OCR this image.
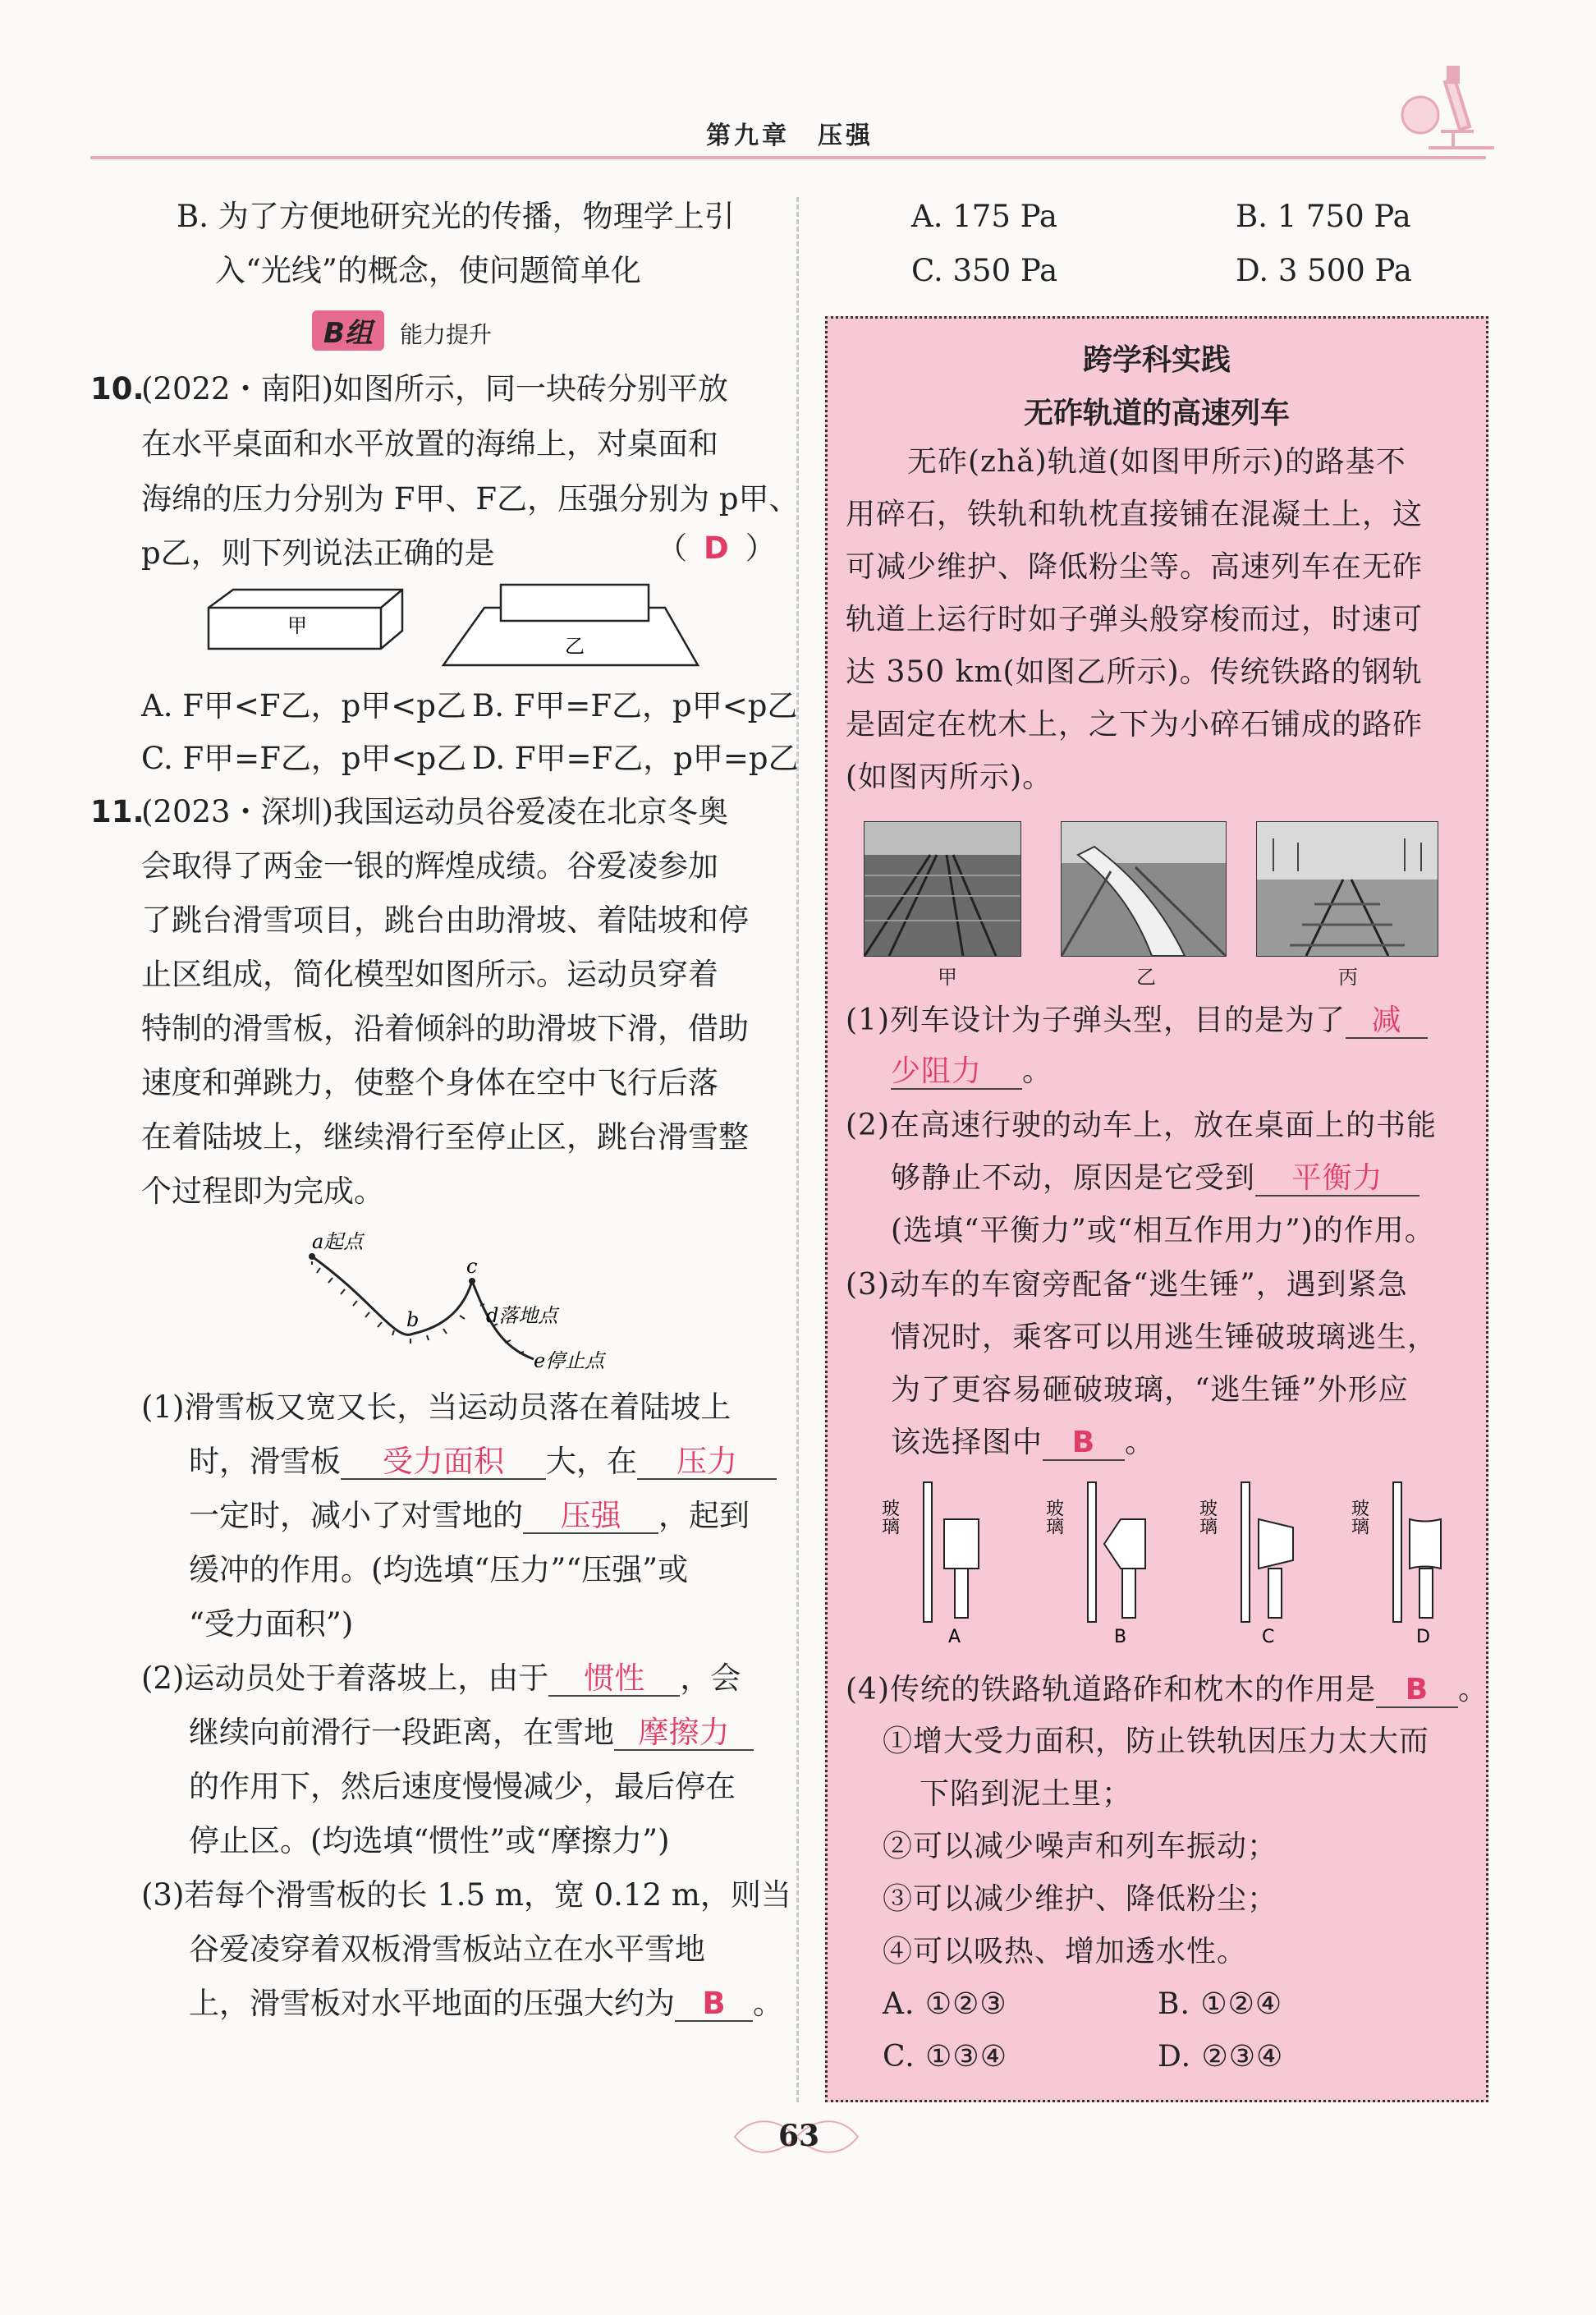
第九章　压强
B. 为了方便地研究光的传播，物理学上引
入“光线”的概念，使问题简单化
B组 能力提升
10.
(2022・南阳)如图所示，同一块砖分别平放
在水平桌面和水平放置的海绵上，对桌面和
海绵的压力分别为 F甲、F乙，压强分别为 p甲、
p乙，则下列说法正确的是	（ D ）
甲
乙
A. F甲<F乙，p甲<p乙 B. F甲=F乙，p甲<p乙
C. F甲=F乙，p甲<p乙 D. F甲=F乙，p甲=p乙
11.
(2023・深圳)我国运动员谷爱凌在北京冬奥
会取得了两金一银的辉煌成绩。谷爱凌参加
了跳台滑雪项目，跳台由助滑坡、着陆坡和停
止区组成，简化模型如图所示。运动员穿着
特制的滑雪板，沿着倾斜的助滑坡下滑，借助
速度和弹跳力，使整个身体在空中飞行后落
在着陆坡上，继续滑行至停止区，跳台滑雪整
个过程即为完成。
a起点
b
c
d落地点
e停止点
(1)滑雪板又宽又长，当运动员落在着陆坡上
时，滑雪板 受力面积 大，在 压力
一定时，减小了对雪地的 压强 ，起到
缓冲的作用。(均选填“压力”“压强”或
“受力面积”)
(2)运动员处于着落坡上，由于 惯性 ，会
继续向前滑行一段距离，在雪地 摩擦力
的作用下，然后速度慢慢减少，最后停在
停止区。(均选填“惯性”或“摩擦力”)
(3)若每个滑雪板的长 1.5 m，宽 0.12 m，则当
谷爱凌穿着双板滑雪板站立在水平雪地
上，滑雪板对水平地面的压强大约为 B 。
A. 175 Pa	B. 1 750 Pa
C. 350 Pa	D. 3 500 Pa
跨学科实践
无砟轨道的高速列车
无砟(zhǎ)轨道(如图甲所示)的路基不
用碎石，铁轨和轨枕直接铺在混凝土上，这
可减少维护、降低粉尘等。高速列车在无砟
轨道上运行时如子弹头般穿梭而过，时速可
达 350 km(如图乙所示)。传统铁路的钢轨
是固定在枕木上，之下为小碎石铺成的路砟
(如图丙所示)。
甲	乙	丙
(1)列车设计为子弹头型，目的是为了 减
少阻力 。
(2)在高速行驶的动车上，放在桌面上的书能
够静止不动，原因是它受到 平衡力
(选填“平衡力”或“相互作用力”)的作用。
(3)动车的车窗旁配备“逃生锤”，遇到紧急
情况时，乘客可以用逃生锤破玻璃逃生，
为了更容易砸破玻璃，“逃生锤”外形应
该选择图中 B 。
玻璃
A
玻璃
B
玻璃
C
玻璃
D
(4)传统的铁路轨道路砟和枕木的作用是 B 。
①增大受力面积，防止铁轨因压力太大而
下陷到泥土里；
②可以减少噪声和列车振动；
③可以减少维护、降低粉尘；
④可以吸热、增加透水性。
A. ①②③	B. ①②④
C. ①③④	D. ②③④
63
